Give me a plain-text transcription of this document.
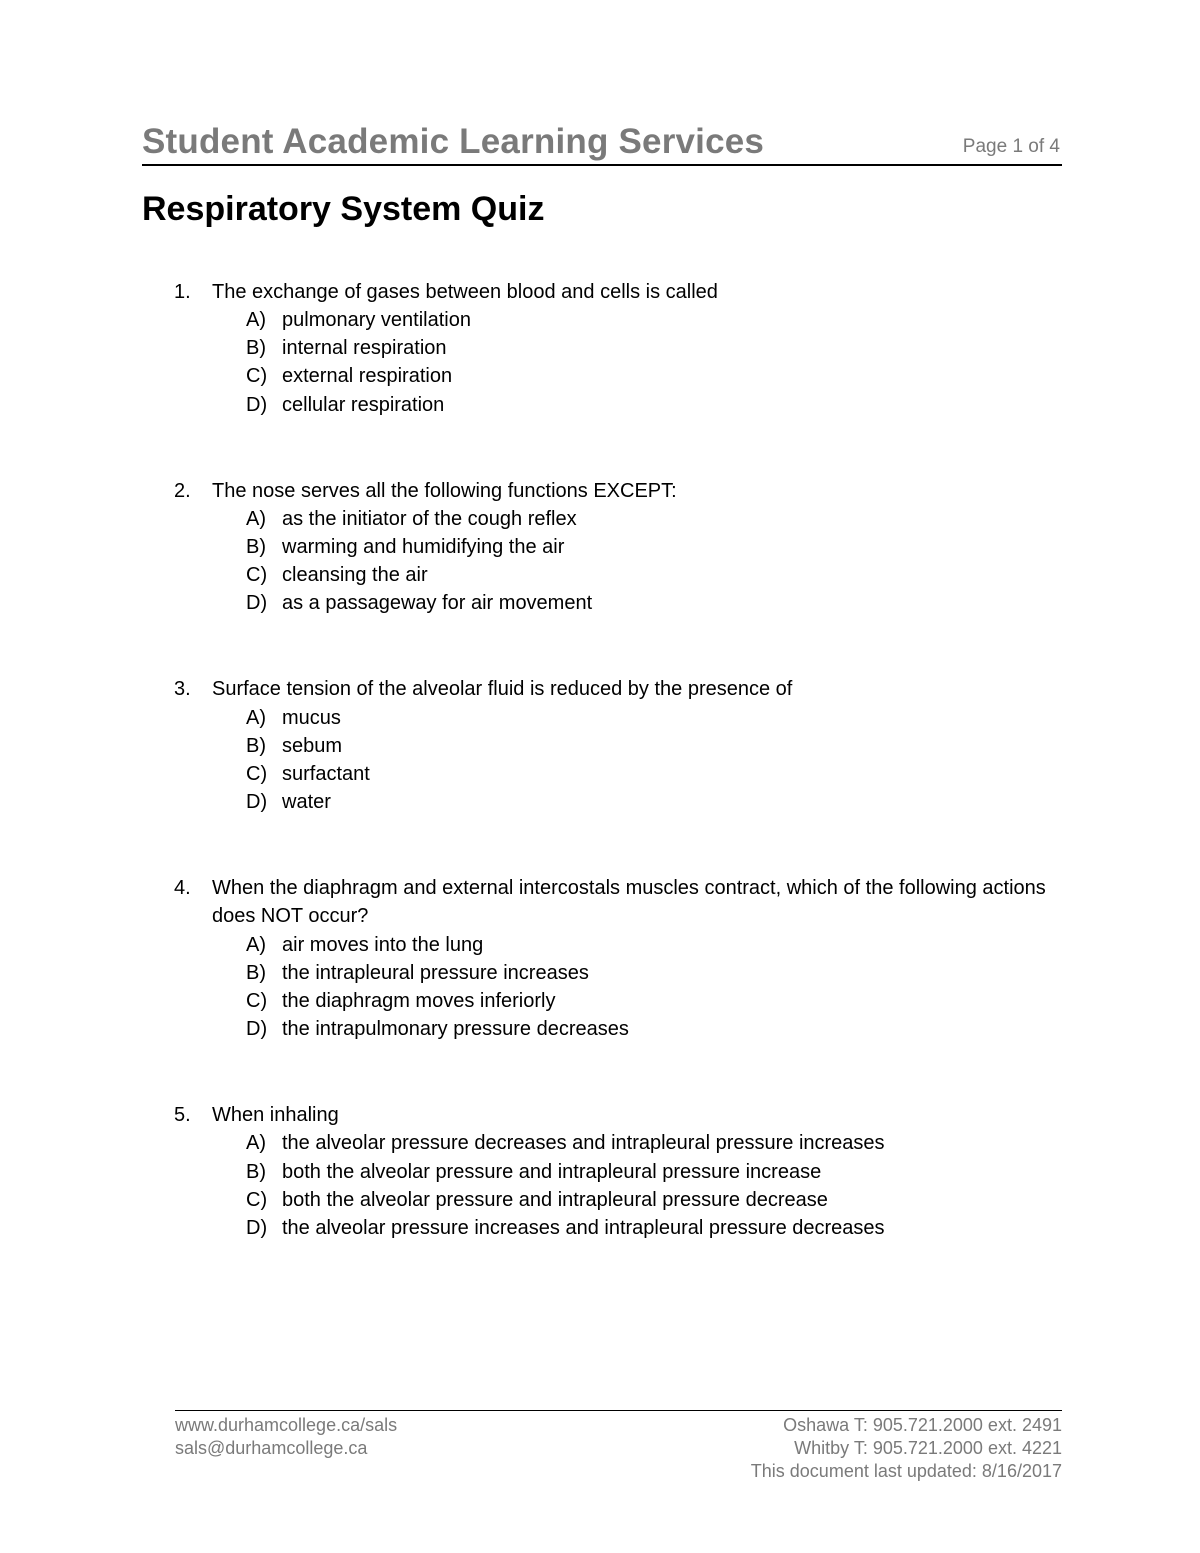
Student Academic Learning Services	Page 1 of 4
Respiratory System Quiz
1.	The exchange of gases between blood and cells is called
A) pulmonary ventilation
B) internal respiration
C) external respiration
D) cellular respiration
2.	The nose serves all the following functions EXCEPT:
A) as the initiator of the cough reflex
B) warming and humidifying the air
C) cleansing the air
D) as a passageway for air movement
3.	Surface tension of the alveolar fluid is reduced by the presence of
A) mucus
B) sebum
C) surfactant
D) water
4.	When the diaphragm and external intercostals muscles contract, which of the following actions does NOT occur?
A) air moves into the lung
B) the intrapleural pressure increases
C) the diaphragm moves inferiorly
D) the intrapulmonary pressure decreases
5.	When inhaling
A) the alveolar pressure decreases and intrapleural pressure increases
B) both the alveolar pressure and intrapleural pressure increase
C) both the alveolar pressure and intrapleural pressure decrease
D) the alveolar pressure increases and intrapleural pressure decreases
www.durhamcollege.ca/sals
sals@durhamcollege.ca
Oshawa T: 905.721.2000 ext. 2491
Whitby T: 905.721.2000 ext. 4221
This document last updated: 8/16/2017
